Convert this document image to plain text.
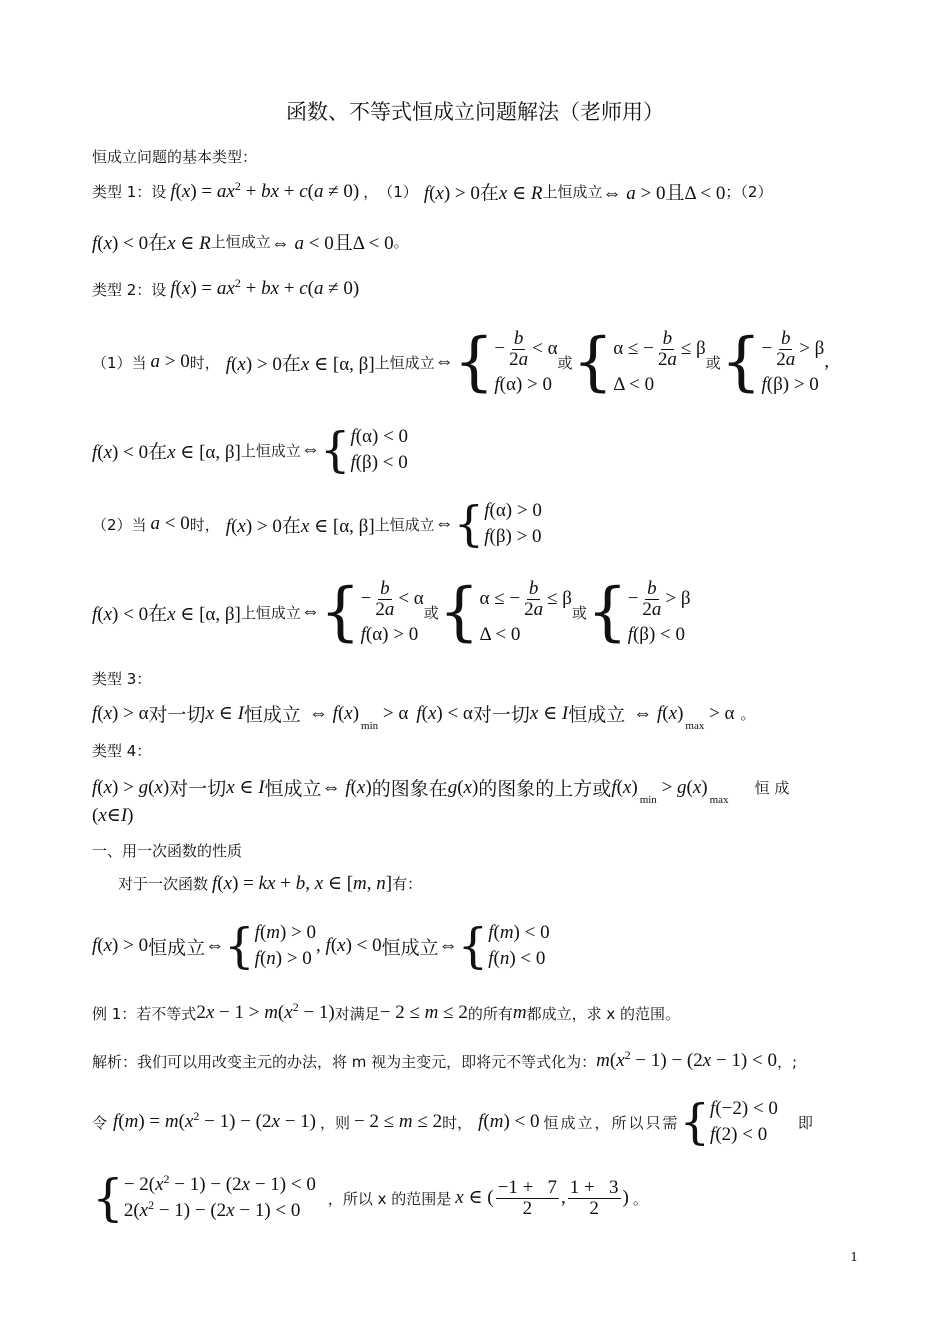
函数、不等式恒成立问题解法（老师用）
恒成立问题的基本类型：
类型 1：设 $f(x) = ax^2$ + bx + c(a ≠ 0) ， （1） f(x) > 0在x ∈ R 上恒成立 ⇔ a > 0且Δ < 0 ；（2）
f(x) < 0在x ∈ R 上恒成立 ⇔ a < 0且Δ < 0 。
类型 2：设 $f(x) = ax^2$ + bx + c(a ≠ 0)
（1）当 a > 0 时， f(x) > 0在x ∈ [α, β] 上恒成立 ⇔ { − $\frac{b}{2a} < \alpha$
f(α) > 0
或 { α ≤ − $\frac{b}{2a} \le \beta$
Δ < 0
或 { − $\frac{b}{2a} > \beta$
f(β) > 0
,
f(x) < 0在x ∈ [α, β] 上恒成立 ⇔ { f(α) < 0
f(β) < 0
（2）当 a < 0 时， f(x) > 0在x ∈ [α, β] 上恒成立 ⇔ { f(α) > 0
f(β) > 0
f(x) < 0在x ∈ [α, β] 上恒成立 ⇔ { − $\frac{b}{2a} < \alpha$
f(α) > 0
或 { α ≤ − $\frac{b}{2a} \le \beta$
Δ < 0
或 { − $\frac{b}{2a} > \beta$
f(β) < 0
类型 3：
f(x) > α 对一切 x ∈ I 恒成立 ⇔ $f(x)_{min} > \alpha$ f(x) < α 对一切 x ∈ I 恒成立 ⇔ $f(x)_{max} > \alpha$ 。
类型 4：
f(x) > g(x) 对一切 x ∈ I 恒成立 ⇔ f(x) 的图象在 g(x) 的图象的上方或 $f(x)_{min} > g(x)_{max}$
恒 成
( x ∈ I )
一、用一次函数的性质
对于一次函数 f(x) = kx + b, x ∈ [m, n] 有：
f(x) > 0 恒成立 ⇔ { f(m) > 0
f(n) > 0
, f(x) < 0 恒成立 ⇔ { f(m) < 0
f(n) < 0
例 1：若不等式 $2x - 1 > m(x^2 - 1)$ 对满足 − 2 ≤ m ≤ 2 的所有 m 都成立，求 x 的范围。
解析：我们可以用改变主元的办法，将 m 视为主变元，即将元不等式化为： $m(x^2 - 1) - (2x - 1) < 0$ ，;
令 $f(m) = m(x^2 - 1) - (2x - 1)$ ，则 − 2 ≤ m ≤ 2 时， f(m) < 0 恒成立，所以只需 { f(−2) < 0
f(2) < 0
即
{ − $2(x^2 - 1) - (2x - 1) < 0$
$2(x^2 - 1) - (2x - 1) < 0$
，所以 x 的范围是 x ∈ ( $\frac{-1 + 7}{2}$ , $\frac{1 + 3}{2}$ ) 。
1
